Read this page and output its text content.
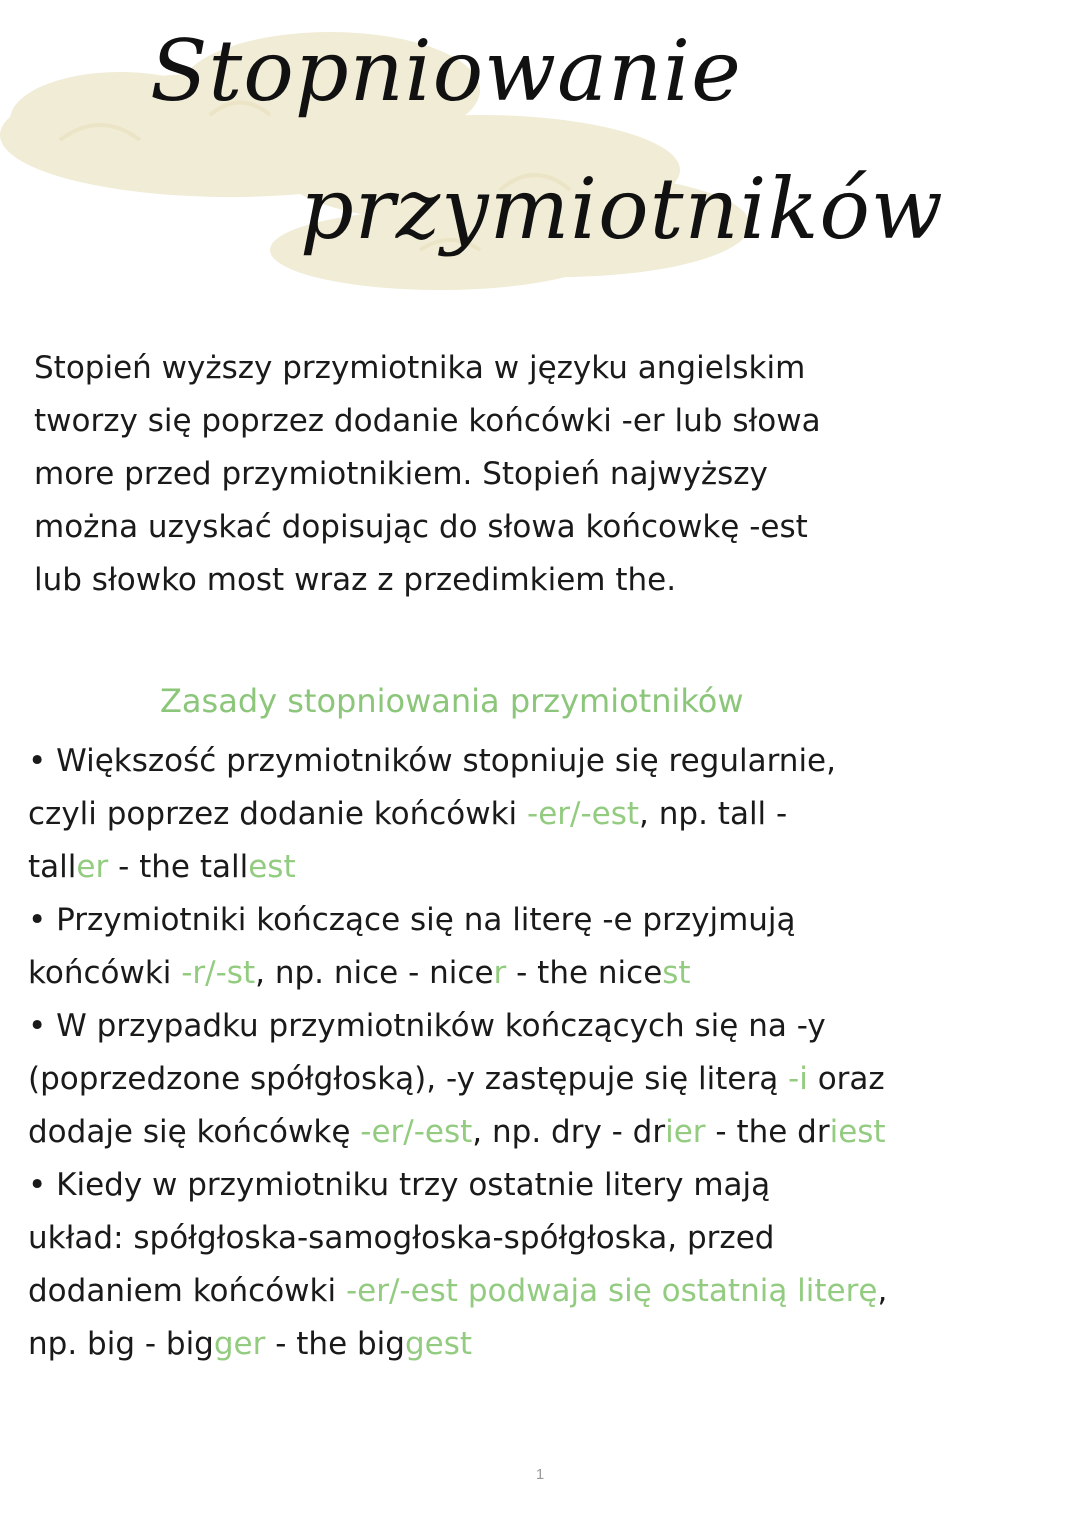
Stopniowanie
przymiotników
Stopień wyższy przymiotnika w języku angielskim
tworzy się poprzez dodanie końcówki -er lub słowa
more przed przymiotnikiem. Stopień najwyższy
można uzyskać dopisując do słowa końcowkę -est
lub słowko most wraz z przedimkiem the.
Zasady stopniowania przymiotników
• Większość przymiotników stopniuje się regularnie,
czyli poprzez dodanie końcówki -er/-est, np. tall -
taller - the tallest
• Przymiotniki kończące się na literę -e przyjmują
końcówki -r/-st, np. nice - nicer - the nicest
• W przypadku przymiotników kończących się na -y
(poprzedzone spółgłoską), -y zastępuje się literą -i oraz
dodaje się końcówkę -er/-est, np. dry - drier - the driest
• Kiedy w przymiotniku trzy ostatnie litery mają
układ: spółgłoska-samogłoska-spółgłoska, przed
dodaniem końcówki -er/-est podwaja się ostatnią literę,
np. big - bigger - the biggest
1
